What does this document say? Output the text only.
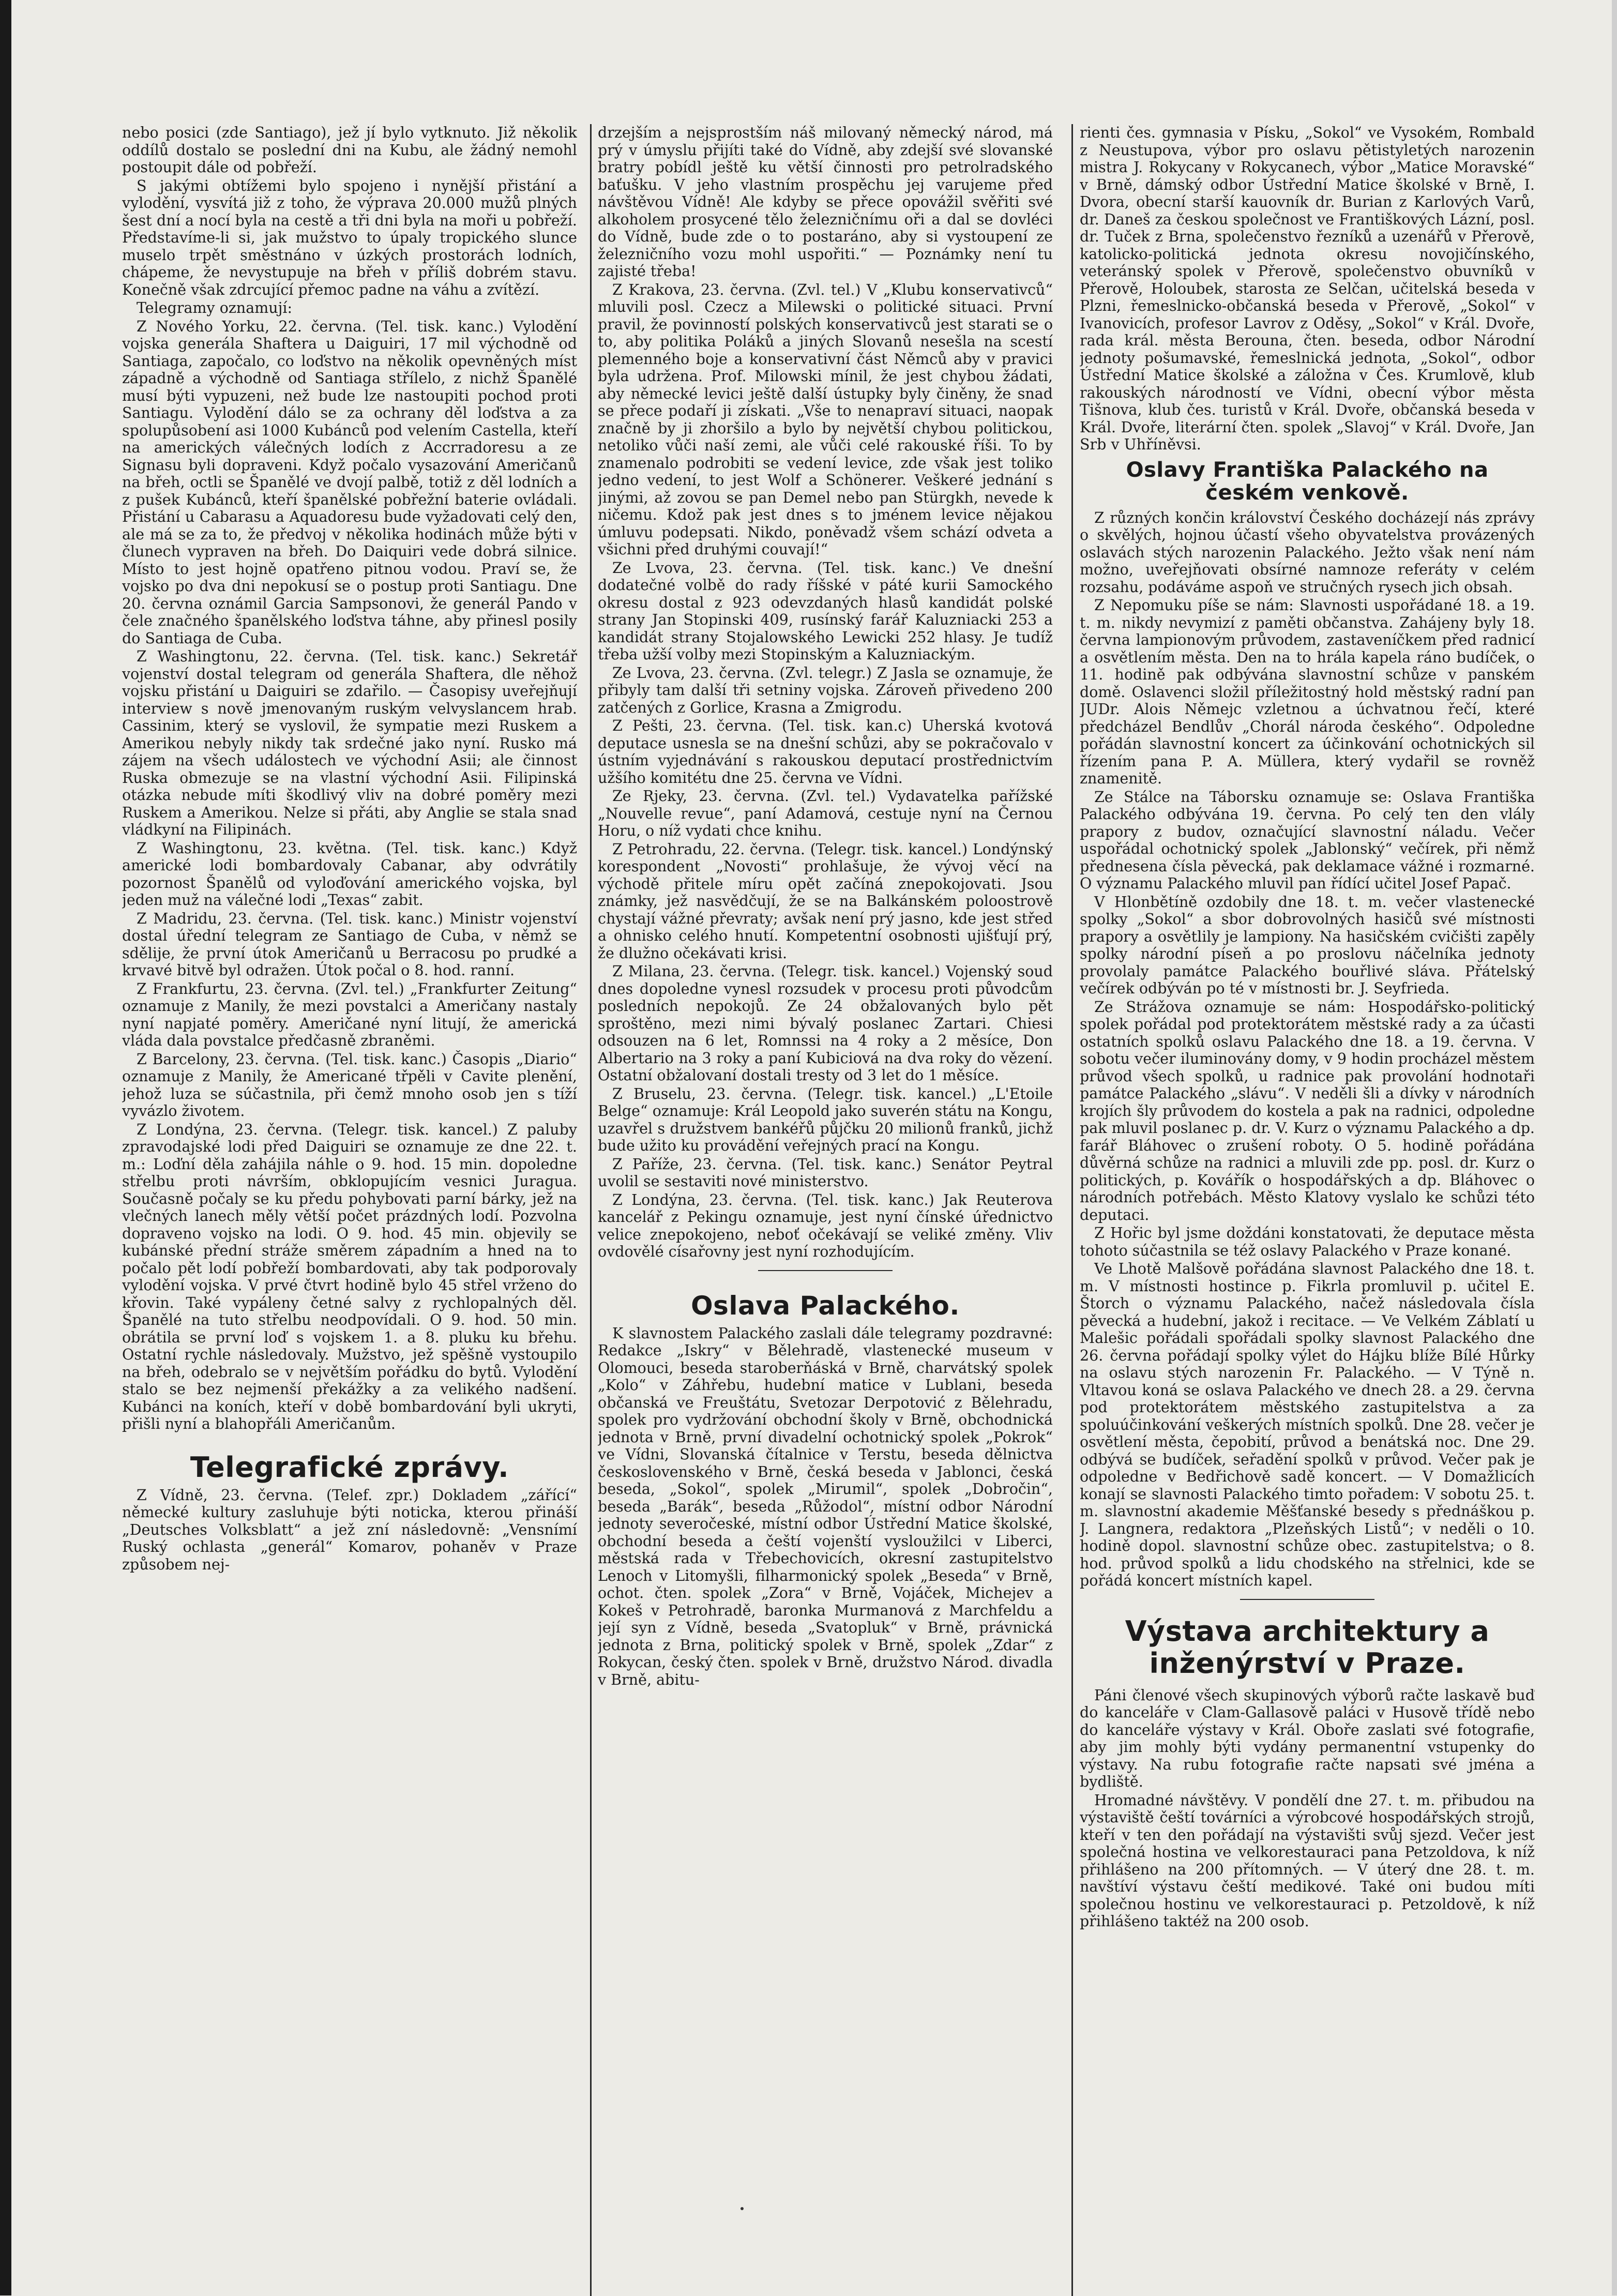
nebo posici (zde Santiago), jež jí bylo vytknuto. Již několik oddílů dostalo se poslední dni na Kubu, ale žádný nemohl postoupit dále od pobřeží.

S jakými obtížemi bylo spojeno i nynější přistání a vylodění, vysvítá již z toho, že výprava 20.000 mužů plných šest dní a nocí byla na cestě a tři dni byla na moři u pobřeží. Představíme-li si, jak mužstvo to úpaly tropického slunce muselo trpět směstnáno v úzkých prostorách lodních, chápeme, že nevystupuje na břeh v příliš dobrém stavu. Konečně však zdrcující přemoc padne na váhu a zvítězí.

Telegramy oznamují:

Z Nového Yorku, 22. června. (Tel. tisk. kanc.) Vylodění vojska generála Shaftera u Daiguiri, 17 mil východně od Santiaga, započalo, co loďstvo na několik opevněných míst západně a východně od Santiaga střílelo, z nichž Španělé musí býti vypuzeni, než bude lze nastoupiti pochod proti Santiagu. Vylodění dálo se za ochrany děl loďstva a za spolupůsobení asi 1000 Kubánců pod velením Castella, kteří na amerických válečných lodích z Accrradoresu a ze Signasu byli dopraveni. Když počalo vysazování Američanů na břeh, octli se Španělé ve dvojí palbě, totiž z děl lodních a z pušek Kubánců, kteří španělské pobřežní baterie ovládali. Přistání u Cabarasu a Aquadoresu bude vyžadovati celý den, ale má se za to, že předvoj v několika hodinách může býti v člunech vypraven na břeh. Do Daiquiri vede dobrá silnice. Místo to jest hojně opatřeno pitnou vodou. Praví se, že vojsko po dva dni nepokusí se o postup proti Santiagu. Dne 20. června oznámil Garcia Sampsonovi, že generál Pando v čele značného španělského loďstva táhne, aby přinesl posily do Santiaga de Cuba.

Z Washingtonu, 22. června. (Tel. tisk. kanc.) Sekretář vojenství dostal telegram od generála Shaftera, dle něhož vojsku přistání u Daiguiri se zdařilo. — Časopisy uveřejňují interview s nově jmenovaným ruským velvyslancem hrab. Cassinim, který se vyslovil, že sympatie mezi Ruskem a Amerikou nebyly nikdy tak srdečné jako nyní. Rusko má zájem na všech událostech ve východní Asii; ale činnost Ruska obmezuje se na vlastní východní Asii. Filipinská otázka nebude míti škodlivý vliv na dobré poměry mezi Ruskem a Amerikou. Nelze si přáti, aby Anglie se stala snad vládkyní na Filipinách.

Z Washingtonu, 23. května. (Tel. tisk. kanc.) Když americké lodi bombardovaly Cabanar, aby odvrátily pozornost Španělů od vyloďování amerického vojska, byl jeden muž na válečné lodi „Texas“ zabit.

Z Madridu, 23. června. (Tel. tisk. kanc.) Ministr vojenství dostal úřední telegram ze Santiago de Cuba, v němž se sdělije, že první útok Američanů u Berracosu po prudké a krvavé bitvě byl odražen. Útok počal o 8. hod. ranní.

Z Frankfurtu, 23. června. (Zvl. tel.) „Frankfurter Zeitung“ oznamuje z Manily, že mezi povstalci a Američany nastaly nyní napjaté poměry. Američané nyní litují, že americká vláda dala povstalce předčasně zbraněmi.

Z Barcelony, 23. června. (Tel. tisk. kanc.) Časopis „Diario“ oznamuje z Manily, že Americané třpěli v Cavite plenění, jehož luza se súčastnila, při čemž mnoho osob jen s tíží vyvázlo životem.

Z Londýna, 23. června. (Telegr. tisk. kancel.) Z paluby zpravodajské lodi před Daiguiri se oznamuje ze dne 22. t. m.: Loďní děla zahájila náhle o 9. hod. 15 min. dopoledne střelbu proti návrším, obklopujícím vesnici Juragua. Současně počaly se ku předu pohybovati parní bárky, jež na vlečných lanech měly větší počet prázdných lodí. Pozvolna dopraveno vojsko na lodi. O 9. hod. 45 min. objevily se kubánské přední stráže směrem západním a hned na to počalo pět lodí pobřeží bombardovati, aby tak podporovaly vylodění vojska. V prvé čtvrt hodině bylo 45 střel vrženo do křovin. Také vypáleny četné salvy z rychlopalných děl. Španělé na tuto střelbu neodpovídali. O 9. hod. 50 min. obrátila se první loď s vojskem 1. a 8. pluku ku břehu. Ostatní rychle následovaly. Mužstvo, jež spěšně vystoupilo na břeh, odebralo se v největším pořádku do bytů. Vylodění stalo se bez nejmenší překážky a za velikého nadšení. Kubánci na koních, kteří v době bombardování byli ukryti, přišli nyní a blahopřáli Američanům.

Telegrafické zprávy.

Z Vídně, 23. června. (Telef. zpr.) Dokladem „zářící“ německé kultury zasluhuje býti noticka, kterou přináší „Deutsches Volksblatt“ a jež zní následovně: „Vensnímí Ruský ochlasta „generál“ Komarov, pohaněv v Praze způsobem nej-

drzejším a nejsprostším náš milovaný německý národ, má prý v úmyslu přijíti také do Vídně, aby zdejší své slovanské bratry pobídl ještě ku větší činnosti pro petrolradského baťušku. V jeho vlastním prospěchu jej varujeme před návštěvou Vídně! Ale kdyby se přece opovážil svěřiti své alkoholem prosycené tělo železničnímu oři a dal se dovléci do Vídně, bude zde o to postaráno, aby si vystoupení ze železničního vozu mohl uspořiti.“ — Poznámky není tu zajisté třeba!

Z Krakova, 23. června. (Zvl. tel.) V „Klubu konservativců“ mluvili posl. Czecz a Milewski o politické situaci. První pravil, že povinností polských konservativců jest starati se o to, aby politika Poláků a jiných Slovanů nesešla na scestí plemenného boje a konservativní část Němců aby v pravici byla udržena. Prof. Milowski mínil, že jest chybou žádati, aby německé levici ještě další ústupky byly činěny, že snad se přece podaří ji získati. „Vše to nenapraví situaci, naopak značně by ji zhoršilo a bylo by největší chybou politickou, netoliko vůči naší zemi, ale vůči celé rakouské říši. To by znamenalo podrobiti se vedení levice, zde však jest toliko jedno vedení, to jest Wolf a Schönerer. Veškeré jednání s jinými, až zovou se pan Demel nebo pan Stürgkh, nevede k ničemu. Kdož pak jest dnes s to jménem levice nějakou úmluvu podepsati. Nikdo, poněvadž všem schází odveta a všichni před druhými couvají!“

Ze Lvova, 23. června. (Tel. tisk. kanc.) Ve dnešní dodatečné volbě do rady říšské v páté kurii Samockého okresu dostal z 923 odevzdaných hlasů kandidát polské strany Jan Stopinski 409, rusínský farář Kaluzniacki 253 a kandidát strany Stojalowského Lewicki 252 hlasy. Je tudíž třeba užší volby mezi Stopinským a Kaluzniackým.

Ze Lvova, 23. června. (Zvl. telegr.) Z Jasla se oznamuje, že přibyly tam další tři setniny vojska. Zároveň přivedeno 200 zatčených z Gorlice, Krasna a Zmigrodu.

Z Pešti, 23. června. (Tel. tisk. kan.c) Uherská kvotová deputace usnesla se na dnešní schůzi, aby se pokračovalo v ústním vyjednávání s rakouskou deputací prostřednictvím užšího komitétu dne 25. června ve Vídni.

Ze Rjeky, 23. června. (Zvl. tel.) Vydavatelka pařížské „Nouvelle revue“, paní Adamová, cestuje nyní na Černou Horu, o níž vydati chce knihu.

Z Petrohradu, 22. června. (Telegr. tisk. kancel.) Londýnský korespondent „Novosti“ prohlašuje, že vývoj věcí na východě přitele míru opět začíná znepokojovati. Jsou známky, jež nasvědčují, že se na Balkánském poloostrově chystají vážné převraty; avšak není prý jasno, kde jest střed a ohnisko celého hnutí. Kompetentní osobnosti ujišťují prý, že dlužno očekávati krisi.

Z Milana, 23. června. (Telegr. tisk. kancel.) Vojenský soud dnes dopoledne vynesl rozsudek v procesu proti původcům posledních nepokojů. Ze 24 obžalovaných bylo pět sproštěno, mezi nimi bývalý poslanec Zartari. Chiesi odsouzen na 6 let, Romnssi na 4 roky a 2 měsíce, Don Albertario na 3 roky a paní Kubiciová na dva roky do vězení. Ostatní obžalovaní dostali tresty od 3 let do 1 měsíce.

Z Bruselu, 23. června. (Telegr. tisk. kancel.) „L'Etoile Belge“ oznamuje: Král Leopold jako suverén státu na Kongu, uzavřel s družstvem bankéřů půjčku 20 milionů franků, jichž bude užito ku provádění veřejných prací na Kongu.

Z Paříže, 23. června. (Tel. tisk. kanc.) Senátor Peytral uvolil se sestaviti nové ministerstvo.

Z Londýna, 23. června. (Tel. tisk. kanc.) Jak Reuterova kancelář z Pekingu oznamuje, jest nyní čínské úřednictvo velice znepokojeno, neboť očekávají se veliké změny. Vliv ovdovělé císařovny jest nyní rozhodujícím.

Oslava Palackého.

K slavnostem Palackého zaslali dále telegramy pozdravné: Redakce „Iskry“ v Bělehradě, vlastenecké museum v Olomouci, beseda staroberňáská v Brně, charvátský spolek „Kolo“ v Záhřebu, hudební matice v Lublani, beseda občanská ve Freuštátu, Svetozar Derpotović z Bělehradu, spolek pro vydržování obchodní školy v Brně, obchodnická jednota v Brně, první divadelní ochotnický spolek „Pokrok“ ve Vídni, Slovanská čítalnice v Terstu, beseda dělnictva československého v Brně, česká beseda v Jablonci, česká beseda, „Sokol“, spolek „Mirumil“, spolek „Dobročin“, beseda „Barák“, beseda „Růžodol“, místní odbor Národní jednoty severočeské, místní odbor Ústřední Matice školské, obchodní beseda a čeští vojenští vysloužilci v Liberci, městská rada v Třebechovicích, okresní zastupitelstvo Lenoch v Litomyšli, filharmonický spolek „Beseda“ v Brně, ochot. čten. spolek „Zora“ v Brně, Vojáček, Michejev a Kokeš v Petrohradě, baronka Murmanová z Marchfeldu a její syn z Vídně, beseda „Svatopluk“ v Brně, právnická jednota z Brna, politický spolek v Brně, spolek „Zdar“ z Rokycan, český čten. spolek v Brně, družstvo Národ. divadla v Brně, abitu-

rienti čes. gymnasia v Písku, „Sokol“ ve Vysokém, Rombald z Neustupova, výbor pro oslavu pětistyletých narozenin mistra J. Rokycany v Rokycanech, výbor „Matice Moravské“ v Brně, dámský odbor Ústřední Matice školské v Brně, I. Dvora, obecní starší kauovník dr. Burian z Karlových Varů, dr. Daneš za českou společnost ve Františkových Lázní, posl. dr. Tuček z Brna, společenstvo řezníků a uzenářů v Přerově, katolicko-politická jednota okresu novojičínského, veteránský spolek v Přerově, společenstvo obuvníků v Přerově, Holoubek, starosta ze Selčan, učitelská beseda v Plzni, řemeslnicko-občanská beseda v Přerově, „Sokol“ v Ivanovicích, profesor Lavrov z Oděsy, „Sokol“ v Král. Dvoře, rada král. města Berouna, čten. beseda, odbor Národní jednoty pošumavské, řemeslnická jednota, „Sokol“, odbor Ústřední Matice školské a záložna v Čes. Krumlově, klub rakouských národností ve Vídni, obecní výbor města Tišnova, klub čes. turistů v Král. Dvoře, občanská beseda v Král. Dvoře, literární čten. spolek „Slavoj“ v Král. Dvoře, Jan Srb v Uhříněvsi.

Oslavy Františka Palackého na českém venkově.

Z různých končin království Českého docházejí nás zprávy o skvělých, hojnou účastí všeho obyvatelstva provázených oslavách stých narozenin Palackého. Ježto však není nám možno, uveřejňovati obsírné namnoze referáty v celém rozsahu, podáváme aspoň ve stručných rysech jich obsah.

Z Nepomuku píše se nám: Slavnosti uspořádané 18. a 19. t. m. nikdy nevymizí z paměti občanstva. Zahájeny byly 18. června lampionovým průvodem, zastaveníčkem před radnicí a osvětlením města. Den na to hrála kapela ráno budíček, o 11. hodině pak odbývána slavnostní schůze v panském domě. Oslavenci složil příležitostný hold městský radní pan JUDr. Alois Němejc vzletnou a úchvatnou řečí, které předcházel Bendlův „Chorál národa českého“. Odpoledne pořádán slavnostní koncert za účinkování ochotnických sil řízením pana P. A. Müllera, který vydařil se rovněž znamenitě.

Ze Stálce na Táborsku oznamuje se: Oslava Františka Palackého odbývána 19. června. Po celý ten den vlály prapory z budov, označující slavnostní náladu. Večer uspořádal ochotnický spolek „Jablonský“ večírek, při němž přednesena čísla pěvecká, pak deklamace vážné i rozmarné. O významu Palackého mluvil pan řídící učitel Josef Papač.

V Hlonbětíně ozdobily dne 18. t. m. večer vlastenecké spolky „Sokol“ a sbor dobrovolných hasičů své místnosti prapory a osvětlily je lampiony. Na hasičském cvičišti zapěly spolky národní píseň a po proslovu náčelníka jednoty provolaly památce Palackého bouřlivé sláva. Přátelský večírek odbýván po té v místnosti br. J. Seyfrieda.

Ze Strážova oznamuje se nám: Hospodářsko-politický spolek pořádal pod protektorátem městské rady a za účasti ostatních spolků oslavu Palackého dne 18. a 19. června. V sobotu večer iluminovány domy, v 9 hodin procházel městem průvod všech spolků, u radnice pak provolání hodnotaři památce Palackého „slávu“. V neděli šli a dívky v národních krojích šly průvodem do kostela a pak na radnici, odpoledne pak mluvil poslanec p. dr. V. Kurz o významu Palackého a dp. farář Bláhovec o zrušení roboty. O 5. hodině pořádána důvěrná schůze na radnici a mluvili zde pp. posl. dr. Kurz o politických, p. Kovářík o hospodářských a dp. Bláhovec o národních potřebách. Město Klatovy vyslalo ke schůzi této deputaci.

Z Hořic byl jsme doždáni konstatovati, že deputace města tohoto súčastnila se též oslavy Palackého v Praze konané.

Ve Lhotě Malšově pořádána slavnost Palackého dne 18. t. m. V místnosti hostince p. Fikrla promluvil p. učitel E. Štorch o významu Palackého, načež následovala čísla pěvecká a hudební, jakož i recitace. — Ve Velkém Záblatí u Malešic pořádali spořádali spolky slavnost Palackého dne 26. června pořádají spolky výlet do Hájku blíže Bílé Hůrky na oslavu stých narozenin Fr. Palackého. — V Týně n. Vltavou koná se oslava Palackého ve dnech 28. a 29. června pod protektorátem městského zastupitelstva a za spoluúčinkování veškerých místních spolků. Dne 28. večer je osvětlení města, čepobití, průvod a benátská noc. Dne 29. odbývá se budíček, seřadění spolků v průvod. Večer pak je odpoledne v Bedřichově sadě koncert. — V Domažlicích konají se slavnosti Palackého timto pořadem: V sobotu 25. t. m. slavnostní akademie Měšťanské besedy s přednáškou p. J. Langnera, redaktora „Plzeňských Listů“; v neděli o 10. hodině dopol. slavnostní schůze obec. zastupitelstva; o 8. hod. průvod spolků a lidu chodského na střelnici, kde se pořádá koncert místních kapel.

Výstava architektury a inženýrství v Praze.

Páni členové všech skupinových výborů račte laskavě buď do kanceláře v Clam-Gallasově paláci v Husově třídě nebo do kanceláře výstavy v Král. Oboře zaslati své fotografie, aby jim mohly býti vydány permanentní vstupenky do výstavy. Na rubu fotografie račte napsati své jména a bydliště.

Hromadné návštěvy. V pondělí dne 27. t. m. přibudou na výstaviště čeští továrníci a výrobcové hospodářských strojů, kteří v ten den pořádají na výstavišti svůj sjezd. Večer jest společná hostina ve velkorestauraci pana Petzoldova, k níž přihlášeno na 200 přítomných. — V úterý dne 28. t. m. navštíví výstavu čeští medikové. Také oni budou míti společnou hostinu ve velkorestauraci p. Petzoldově, k níž přihlášeno taktéž na 200 osob.
